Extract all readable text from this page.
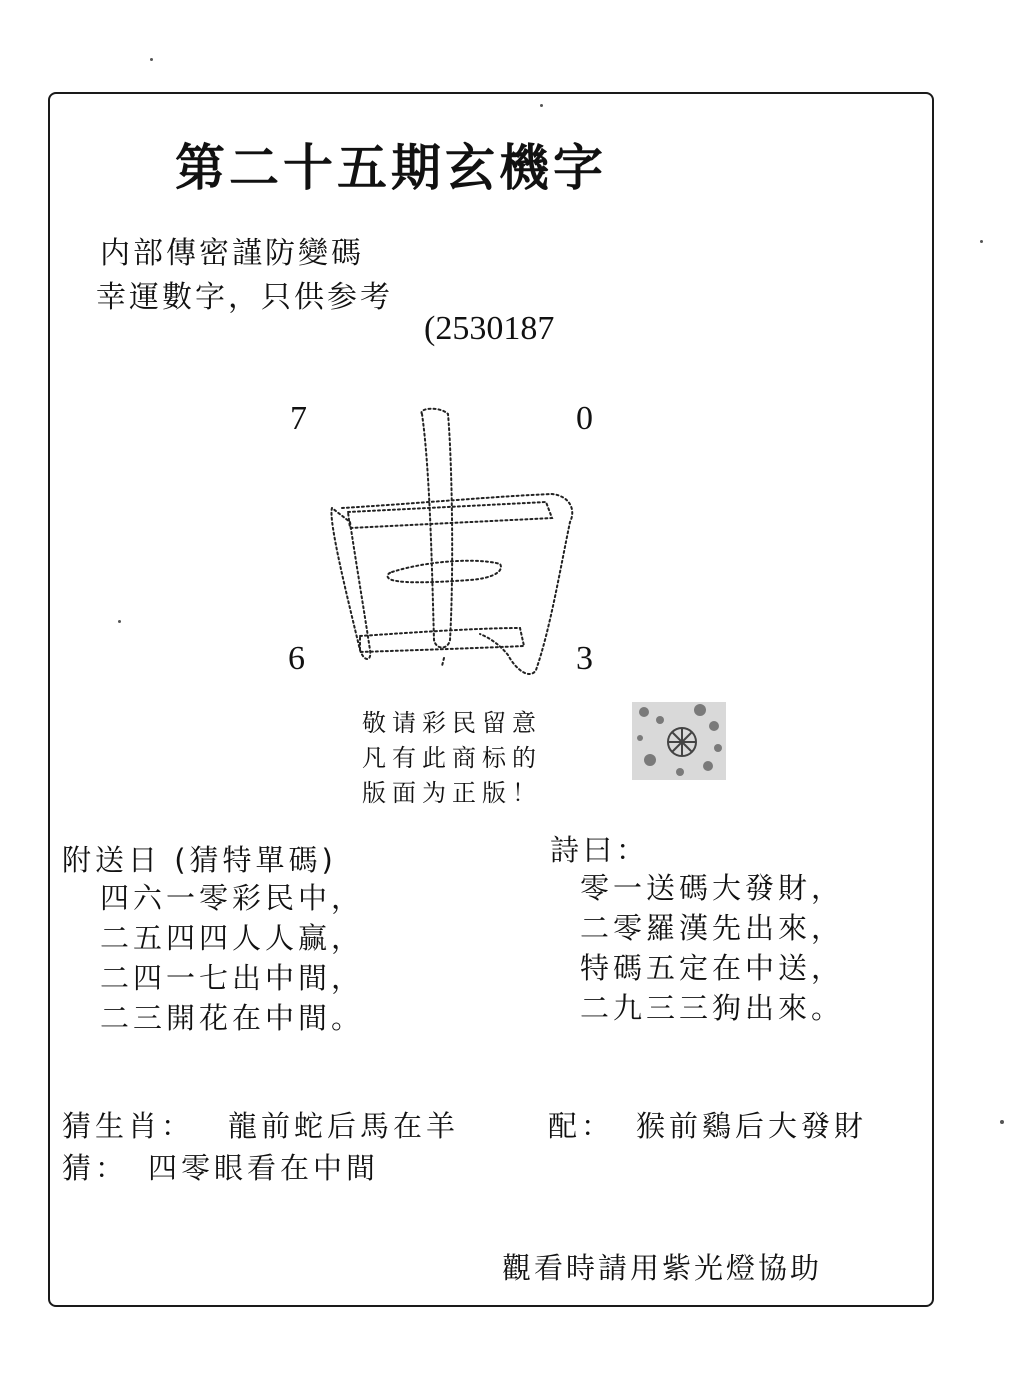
第二十五期玄機字
内部傳密謹防變碼
幸運數字，只供参考
(2530187
7	0
6	3
敬请彩民留意
凡有此商标的
版面为正版！
附送日 (猜特單碼)
四六一零彩民中，
二五四四人人赢，
二四一七出中間，
二三開花在中間。
詩曰：
零一送碼大發財，
二零羅漢先出來，
特碼五定在中送，
二九三三狗出來。
猜生肖： 龍前蛇后馬在羊	配： 猴前鷄后大發財
猜： 四零眼看在中間
觀看時請用紫光燈協助
